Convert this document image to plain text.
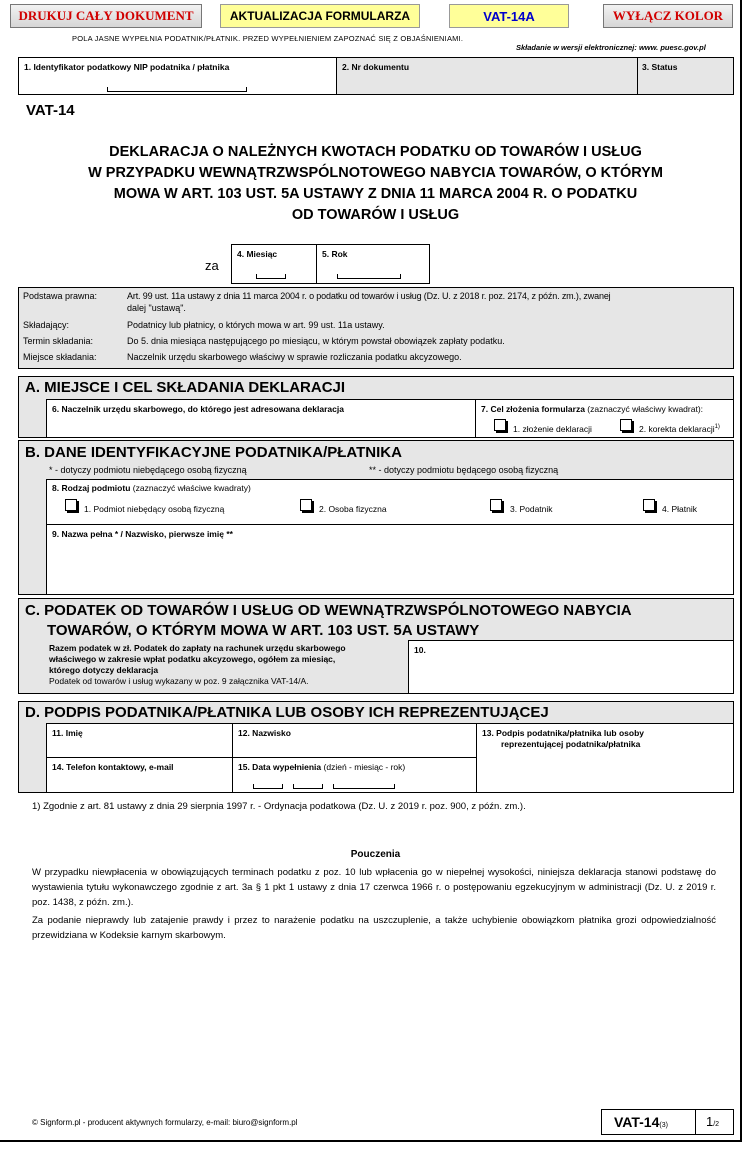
DRUKUJ CAŁY DOKUMENT	AKTUALIZACJA FORMULARZA	VAT-14A	WYŁĄCZ KOLOR
POLA JASNE WYPEŁNIA PODATNIK/PŁATNIK. PRZED WYPEŁNIENIEM ZAPOZNAĆ SIĘ Z OBJAŚNIENIAMI.
Składanie w wersji elektronicznej: www. puesc.gov.pl
1. Identyfikator podatkowy NIP podatnika / płatnika	2. Nr dokumentu	3. Status
VAT-14
DEKLARACJA O NALEŻNYCH KWOTACH PODATKU OD TOWARÓW I USŁUG
W PRZYPADKU WEWNĄTRZWSPÓLNOTOWEGO NABYCIA TOWARÓW, O KTÓRYM
MOWA W ART. 103 UST. 5A USTAWY Z DNIA 11 MARCA 2004 R. O PODATKU
OD TOWARÓW I USŁUG
za
4. Miesiąc	5. Rok
Podstawa prawna:	Art. 99 ust. 11a ustawy z dnia 11 marca 2004 r. o podatku od towarów i usług (Dz. U. z 2018 r. poz. 2174, z późn. zm.), zwanej
dalej "ustawą".
Składający:	Podatnicy lub płatnicy, o których mowa w art. 99 ust. 11a ustawy.
Termin składania:	Do 5. dnia miesiąca następującego po miesiącu, w którym powstał obowiązek zapłaty podatku.
Miejsce składania:	Naczelnik urzędu skarbowego właściwy w sprawie rozliczania podatku akcyzowego.
A. MIEJSCE I CEL SKŁADANIA DEKLARACJI
6. Naczelnik urzędu skarbowego, do którego jest adresowana deklaracja	7. Cel złożenia formularza (zaznaczyć właściwy kwadrat):
1. złożenie deklaracji	2. korekta deklaracji$^{1)}$
B. DANE IDENTYFIKACYJNE PODATNIKA/PŁATNIKA
* - dotyczy podmiotu niebędącego osobą fizyczną	** - dotyczy podmiotu będącego osobą fizyczną
8. Rodzaj podmiotu (zaznaczyć właściwe kwadraty)
1. Podmiot niebędący osobą fizyczną	2. Osoba fizyczna	3. Podatnik	4. Płatnik
9. Nazwa pełna * / Nazwisko, pierwsze imię **
C. PODATEK OD TOWARÓW I USŁUG OD WEWNĄTRZWSPÓLNOTOWEGO NABYCIA
TOWARÓW, O KTÓRYM MOWA W ART. 103 UST. 5A USTAWY
Razem podatek w zł. Podatek do zapłaty na rachunek urzędu skarbowego
właściwego w zakresie wpłat podatku akcyzowego, ogółem za miesiąc,
którego dotyczy deklaracja
Podatek od towarów i usług wykazany w poz. 9 załącznika VAT-14/A.
10.
D. PODPIS PODATNIKA/PŁATNIKA LUB OSOBY ICH REPREZENTUJĄCEJ
11. Imię	12. Nazwisko	13. Podpis podatnika/płatnika lub osoby
reprezentującej podatnika/płatnika
14. Telefon kontaktowy, e-mail	15. Data wypełnienia (dzień - miesiąc - rok)
1) Zgodnie z art. 81 ustawy z dnia 29 sierpnia 1997 r. - Ordynacja podatkowa (Dz. U. z 2019 r. poz. 900, z późn. zm.).
Pouczenia

W przypadku niewpłacenia w obowiązujących terminach podatku z poz. 10 lub wpłacenia go w niepełnej wysokości, niniejsza deklaracja stanowi podstawę do wystawienia tytułu wykonawczego zgodnie z art. 3a § 1 pkt 1 ustawy z dnia 17 czerwca 1966 r. o postępowaniu egzekucyjnym w administracji (Dz. U. z 2019 r. poz. 1438, z późn. zm.).

Za podanie nieprawdy lub zatajenie prawdy i przez to narażenie podatku na uszczuplenie, a także uchybienie obowiązkom płatnika grozi odpowiedzialność przewidziana w Kodeksie karnym skarbowym.

© Signform.pl - producent aktywnych formularzy, e-mail: biuro@signform.pl	VAT-14(3)	1/2
